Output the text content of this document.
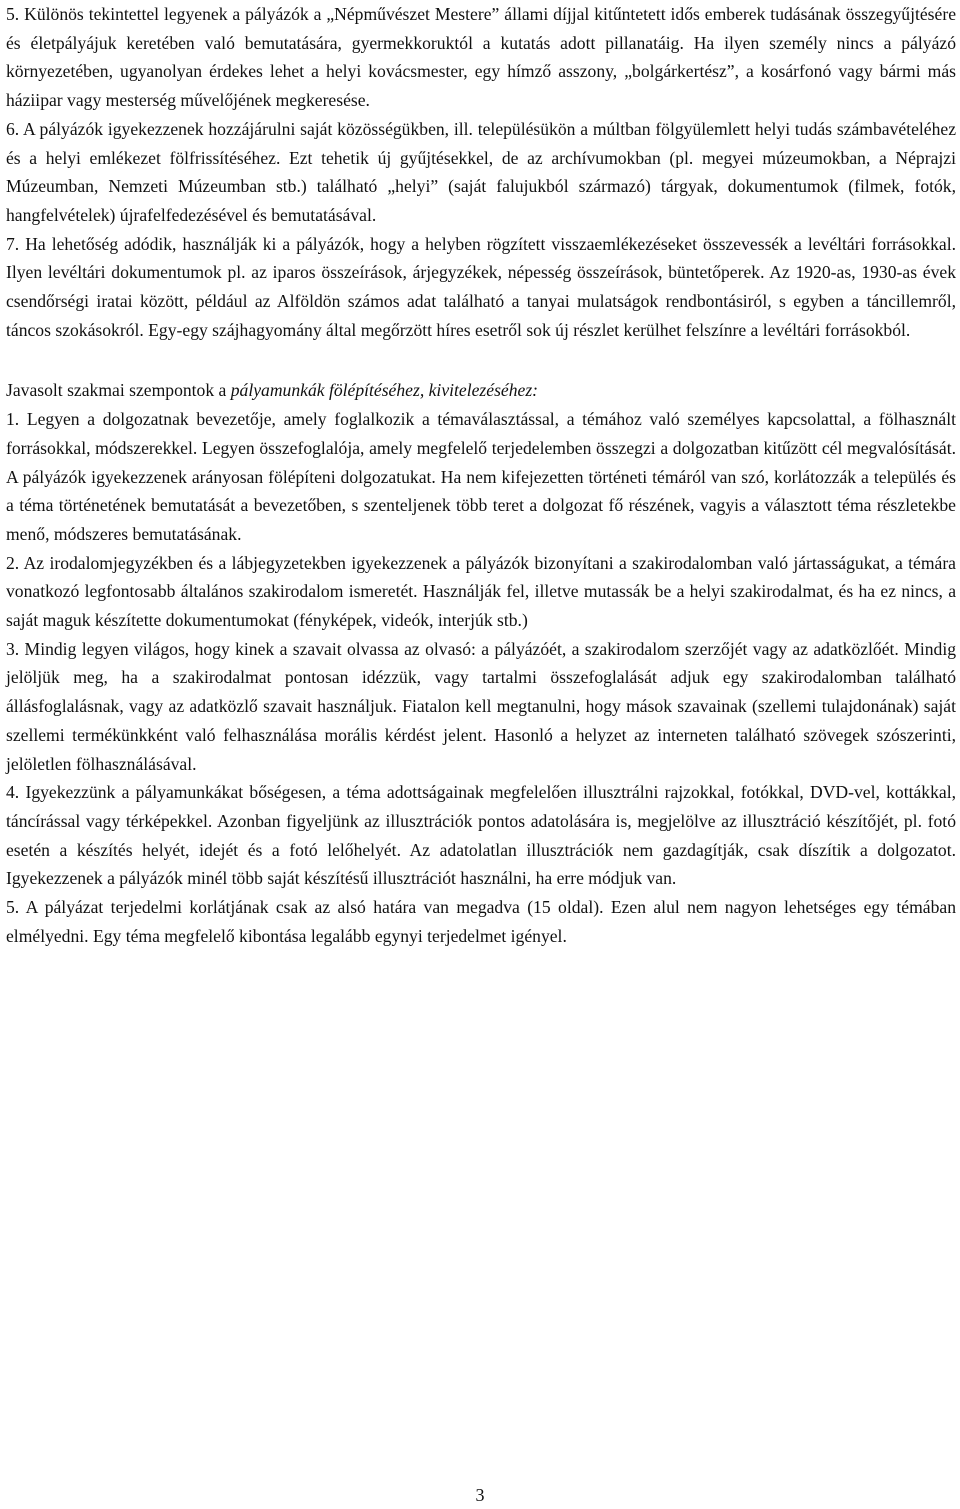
5. Különös tekintettel legyenek a pályázók a „Népművészet Mestere” állami díjjal kitűntetett idős emberek tudásának összegyűjtésére és életpályájuk keretében való bemutatására, gyermekkoruktól a kutatás adott pillanatáig. Ha ilyen személy nincs a pályázó környezetében, ugyanolyan érdekes lehet a helyi kovácsmester, egy hímző asszony, „bolgárkertész”, a kosárfonó vagy bármi más háziipar vagy mesterség művelőjének megkeresése.

6. A pályázók igyekezzenek hozzájárulni saját közösségükben, ill. településükön a múltban fölgyülemlett helyi tudás számbavételéhez és a helyi emlékezet fölfrissítéséhez. Ezt tehetik új gyűjtésekkel, de az archívumokban (pl. megyei múzeumokban, a Néprajzi Múzeumban, Nemzeti Múzeumban stb.) található „helyi” (saját falujukból származó) tárgyak, dokumentumok (filmek, fotók, hangfelvételek) újrafelfedezésével és bemutatásával.

7. Ha lehetőség adódik, használják ki a pályázók, hogy a helyben rögzített visszaemlékezéseket összevessék a levéltári forrásokkal. Ilyen levéltári dokumentumok pl. az iparos összeírások, árjegyzékek, népesség összeírások, büntetőperek. Az 1920-as, 1930-as évek csendőrségi iratai között, például az Alföldön számos adat található a tanyai mulatságok rendbontásiról, s egyben a táncillemről, táncos szokásokról. Egy-egy szájhagyomány által megőrzött híres esetről sok új részlet kerülhet felszínre a levéltári forrásokból.

Javasolt szakmai szempontok a pályamunkák fölépítéséhez, kivitelezéséhez:

1. Legyen a dolgozatnak bevezetője, amely foglalkozik a témaválasztással, a témához való személyes kapcsolattal, a fölhasznált forrásokkal, módszerekkel. Legyen összefoglalója, amely megfelelő terjedelemben összegzi a dolgozatban kitűzött cél megvalósítását. A pályázók igyekezzenek arányosan fölépíteni dolgozatukat. Ha nem kifejezetten történeti témáról van szó, korlátozzák a település és a téma történetének bemutatását a bevezetőben, s szenteljenek több teret a dolgozat fő részének, vagyis a választott téma részletekbe menő, módszeres bemutatásának.

2. Az irodalomjegyzékben és a lábjegyzetekben igyekezzenek a pályázók bizonyítani a szakirodalomban való jártasságukat, a témára vonatkozó legfontosabb általános szakirodalom ismeretét. Használják fel, illetve mutassák be a helyi szakirodalmat, és ha ez nincs, a saját maguk készítette dokumentumokat (fényképek, videók, interjúk stb.)

3. Mindig legyen világos, hogy kinek a szavait olvassa az olvasó: a pályázóét, a szakirodalom szerzőjét vagy az adatközlőét. Mindig jelöljük meg, ha a szakirodalmat pontosan idézzük, vagy tartalmi összefoglalását adjuk egy szakirodalomban található állásfoglalásnak, vagy az adatközlő szavait használjuk. Fiatalon kell megtanulni, hogy mások szavainak (szellemi tulajdonának) saját szellemi termékünkként való felhasználása morális kérdést jelent. Hasonló a helyzet az interneten található szövegek szószerinti, jelöletlen fölhasználásával.

4. Igyekezzünk a pályamunkákat bőségesen, a téma adottságainak megfelelően illusztrálni rajzokkal, fotókkal, DVD-vel, kottákkal, táncírással vagy térképekkel. Azonban figyeljünk az illusztrációk pontos adatolására is, megjelölve az illusztráció készítőjét, pl. fotó esetén a készítés helyét, idejét és a fotó lelőhelyét. Az adatolatlan illusztrációk nem gazdagítják, csak díszítik a dolgozatot. Igyekezzenek a pályázók minél több saját készítésű illusztrációt használni, ha erre módjuk van.

5. A pályázat terjedelmi korlátjának csak az alsó határa van megadva (15 oldal). Ezen alul nem nagyon lehetséges egy témában elmélyedni. Egy téma megfelelő kibontása legalább egynyi terjedelmet igényel.

3
